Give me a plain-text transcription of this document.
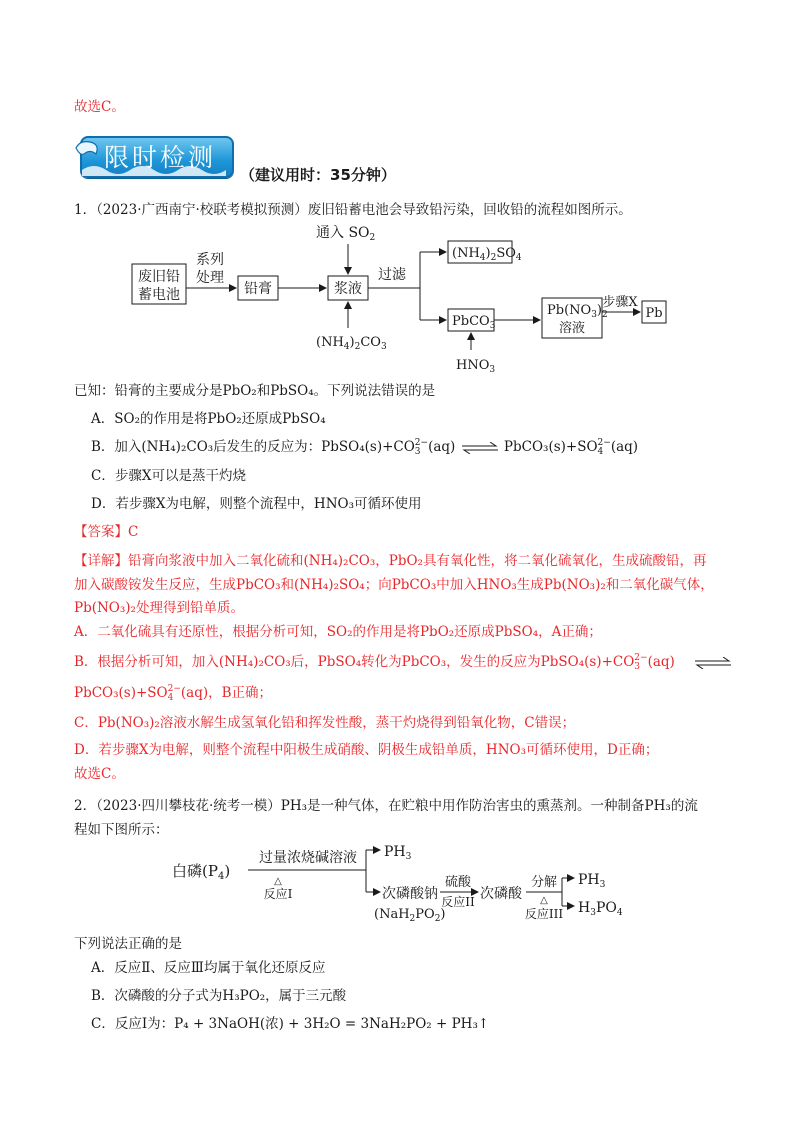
故选C。
限时检测
（建议用时：35分钟）
1．（2023·广西南宁·校联考模拟预测）废旧铅蓄电池会导致铅污染，回收铅的流程如图所示。
废旧铅
蓄电池
系列
处理
铅膏	浆液
通入 $SO_2$
$(NH_4)_2CO_3$
过滤
$(NH_4)_2SO_4$
PbCO$_3$
$HNO_3$
$Pb(NO_3)_2$
溶液
步骤X
Pb
已知：铅膏的主要成分是PbO₂和PbSO₄。下列说法错误的是
A．SO₂的作用是将PbO₂还原成PbSO₄
B．加入(NH₄)₂CO₃后发生的反应为：PbSO₄(s)+CO 2−
3 (aq) ⇌ PbCO₃(s)+SO 2−
4 (aq)
C．步骤X可以是蒸干灼烧
D．若步骤X为电解，则整个流程中，HNO₃可循环使用
【答案】C
【详解】铅膏向浆液中加入二氧化硫和(NH₄)₂CO₃，PbO₂具有氧化性，将二氧化硫氧化，生成硫酸铅，再
加入碳酸铵发生反应，生成PbCO₃和(NH₄)₂SO₄；向PbCO₃中加入HNO₃生成Pb(NO₃)₂和二氧化碳气体，
Pb(NO₃)₂处理得到铅单质。
A．二氧化硫具有还原性，根据分析可知，SO₂的作用是将PbO₂还原成PbSO₄，A正确；
B．根据分析可知，加入(NH₄)₂CO₃后，PbSO₄转化为PbCO₃，发生的反应为PbSO₄(s)+CO 2−
3 (aq) ⇌
PbCO₃(s)+SO 2−
4 (aq)，B正确；
C．Pb(NO₃)₂溶液水解生成氢氧化铅和挥发性酸，蒸干灼烧得到铅氧化物，C错误；
D．若步骤X为电解，则整个流程中阳极生成硝酸、阴极生成铅单质，HNO₃可循环使用，D正确；
故选C。
2．（2023·四川攀枝花·统考一模）PH₃是一种气体，在贮粮中用作防治害虫的熏蒸剂。一种制备PH₃的流
程如下图所示：
白磷$(P_4)$
过量浓烧碱溶液
△
反应I
$PH_3$
次磷酸钠
$(NaH_2PO_2)$
硫酸
反应II 次磷酸
分解
△
反应III
$PH_3$
$H_3PO_4$
下列说法正确的是
A．反应Ⅱ、反应Ⅲ均属于氧化还原反应
B．次磷酸的分子式为H₃PO₂，属于三元酸
C．反应Ⅰ为：P₄ + 3NaOH(浓) + 3H₂O = 3NaH₂PO₂ + PH₃↑
